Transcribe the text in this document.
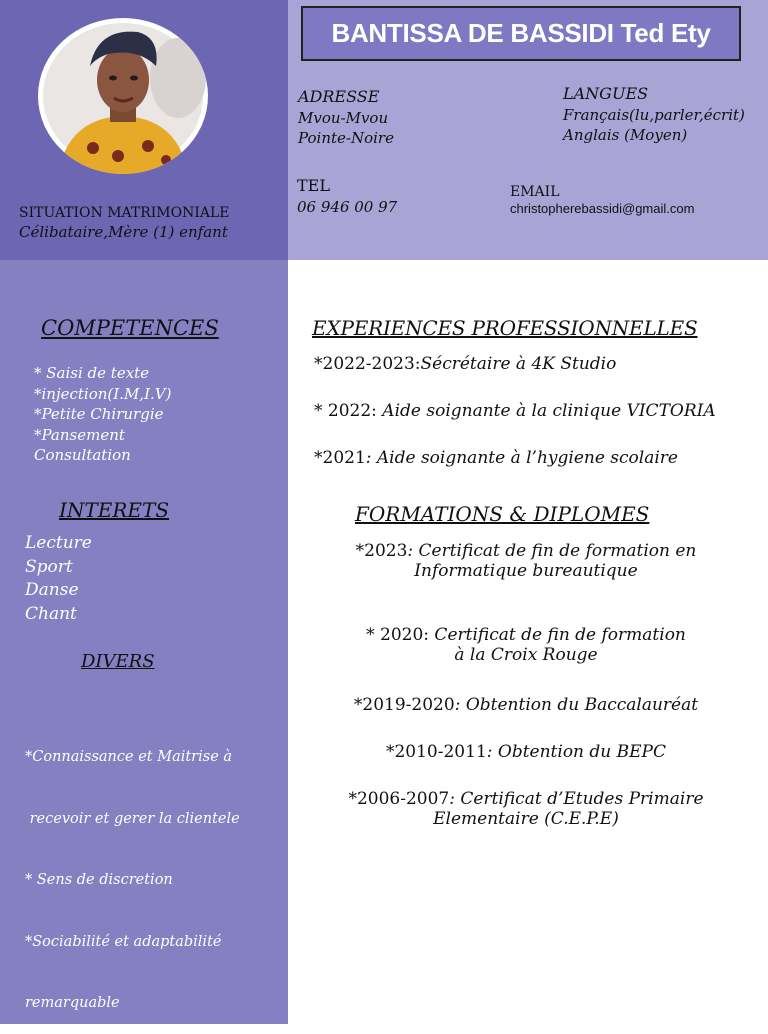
BANTISSA DE BASSIDI Ted Ety
SITUATION MATRIMONIALE
Célibataire,Mère (1) enfant
ADRESSE
Mvou-Mvou
Pointe-Noire
TEL
06 946 00 97
LANGUES
Français(lu,parler,écrit)
Anglais (Moyen)
EMAIL
christopherebassidi@gmail.com
COMPETENCES
* Saisi de texte
*injection(I.M,I.V)
*Petite Chirurgie
*Pansement
Consultation
INTERETS
Lecture
Sport
Danse
Chant
DIVERS

*Connaissance et Maitrise à

recevoir et gerer la clientele

* Sens de discretion

*Sociabilité et adaptabilité

remarquable

EXPERIENCES PROFESSIONNELLES
*2022-2023:Sécrétaire à 4K Studio
* 2022: Aide soignante à la clinique VICTORIA
*2021: Aide soignante à l’hygiene scolaire
FORMATIONS & DIPLOMES
*2023: Certificat de fin de formation en
Informatique bureautique
* 2020: Certificat de fin de formation
à la Croix Rouge
*2019-2020: Obtention du Baccalauréat
*2010-2011: Obtention du BEPC
*2006-2007: Certificat d’Etudes Primaire
Elementaire (C.E.P.E)
